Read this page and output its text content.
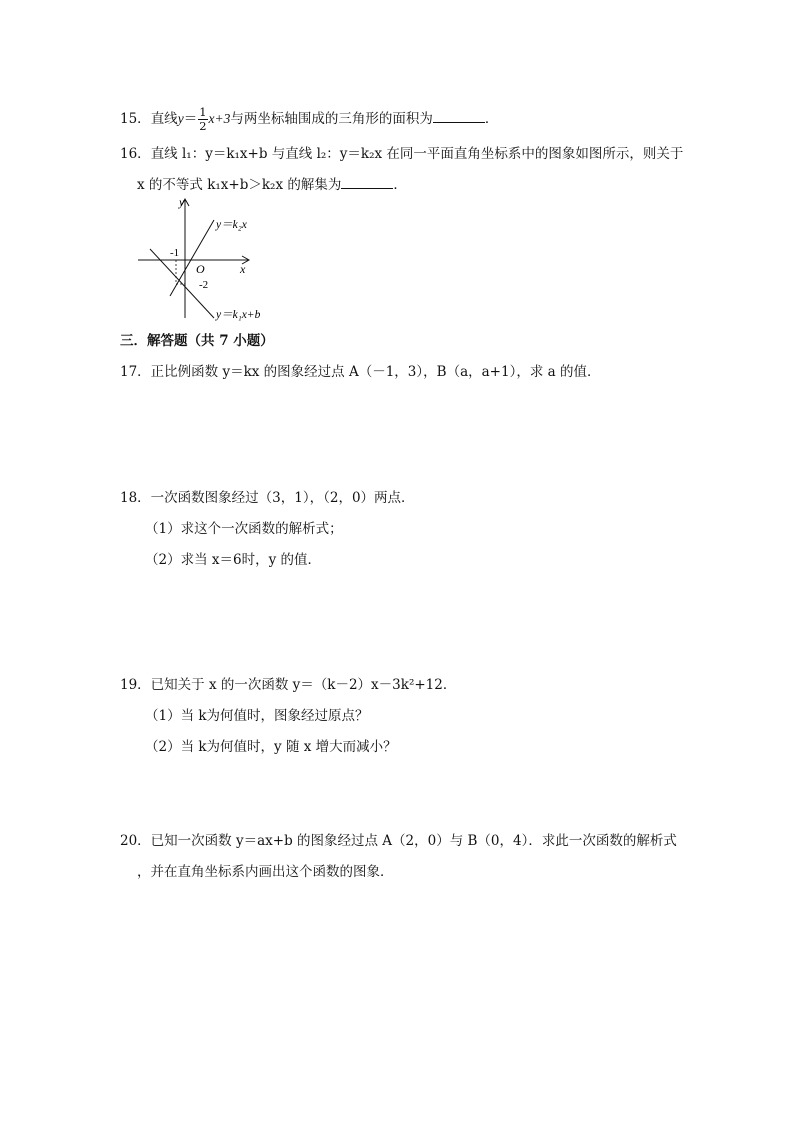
15．直线$y= \frac{1}{2} x+3$与两坐标轴围成的三角形的面积为	．
16．直线 l₁：y＝k₁x+b 与直线 l₂：y＝k₂x 在同一平面直角坐标系中的图象如图所示，则关于
x 的不等式 k₁x+b＞k₂x 的解集为	．
y
x
O
-1
-2
y＝k₂x
y＝k₁x+b
三．解答题（共 7 小题）
17．正比例函数 y＝kx 的图象经过点 A（－1，3），B（a，a+1），求 a 的值．
18．一次函数图象经过（3，1），（2，0）两点．
（1）求这个一次函数的解析式；
（2）求当 x＝6时，y 的值．
19．已知关于 x 的一次函数 y＝（k－2）x－3k²+12．
（1）当 k为何值时，图象经过原点？
（2）当 k为何值时，y 随 x 增大而减小？
20．已知一次函数 y＝ax+b 的图象经过点 A（2，0）与 B（0，4）．求此一次函数的解析式
，并在直角坐标系内画出这个函数的图象．
